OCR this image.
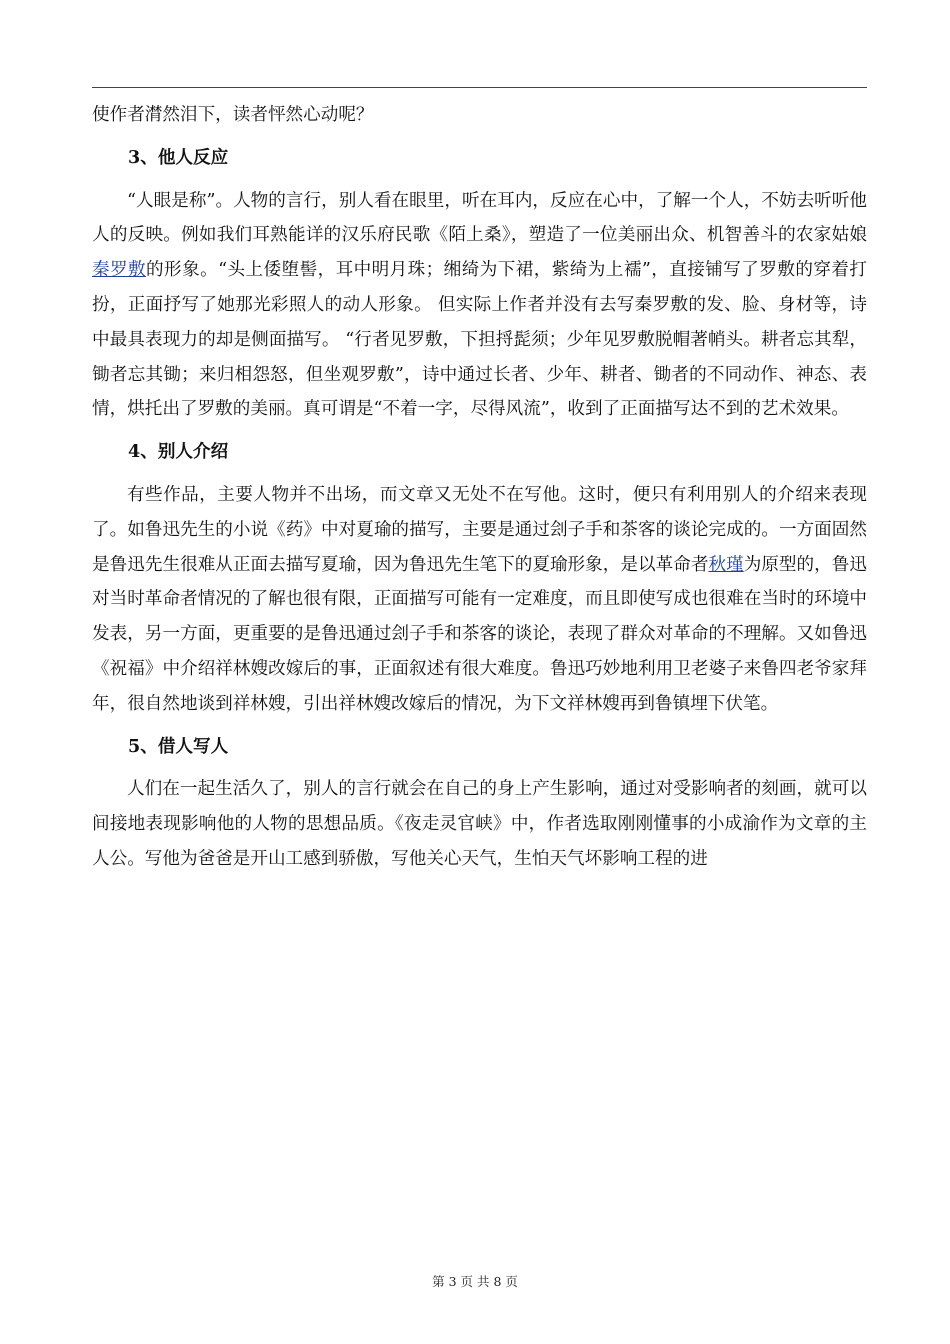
使作者潸然泪下，读者怦然心动呢？

3、他人反应

“人眼是称”。人物的言行，别人看在眼里，听在耳内，反应在心中，了解一个人，不妨去听听他人的反映。例如我们耳熟能详的汉乐府民歌《陌上桑》，塑造了一位美丽出众、机智善斗的农家姑娘秦罗敷的形象。“头上倭堕髻，耳中明月珠；缃绮为下裙，紫绮为上襦”，直接铺写了罗敷的穿着打扮，正面抒写了她那光彩照人的动人形象。 但实际上作者并没有去写秦罗敷的发、脸、身材等，诗中最具表现力的却是侧面描写。 “行者见罗敷，下担捋髭须；少年见罗敷脱帽著帩头。耕者忘其犁，锄者忘其锄；来归相怨怒，但坐观罗敷”，诗中通过长者、少年、耕者、锄者的不同动作、神态、表情，烘托出了罗敷的美丽。真可谓是“不着一字，尽得风流”，收到了正面描写达不到的艺术效果。

4、别人介绍

有些作品，主要人物并不出场，而文章又无处不在写他。这时，便只有利用别人的介绍来表现了。如鲁迅先生的小说《药》中对夏瑜的描写，主要是通过刽子手和茶客的谈论完成的。一方面固然是鲁迅先生很难从正面去描写夏瑜，因为鲁迅先生笔下的夏瑜形象，是以革命者秋瑾为原型的，鲁迅对当时革命者情况的了解也很有限，正面描写可能有一定难度，而且即使写成也很难在当时的环境中发表，另一方面，更重要的是鲁迅通过刽子手和茶客的谈论，表现了群众对革命的不理解。又如鲁迅《祝福》中介绍祥林嫂改嫁后的事，正面叙述有很大难度。鲁迅巧妙地利用卫老婆子来鲁四老爷家拜年，很自然地谈到祥林嫂，引出祥林嫂改嫁后的情况，为下文祥林嫂再到鲁镇埋下伏笔。

5、借人写人

人们在一起生活久了，别人的言行就会在自己的身上产生影响，通过对受影响者的刻画，就可以间接地表现影响他的人物的思想品质。《夜走灵官峡》中，作者选取刚刚懂事的小成渝作为文章的主人公。写他为爸爸是开山工感到骄傲，写他关心天气，生怕天气坏影响工程的进

第 3 页 共 8 页
